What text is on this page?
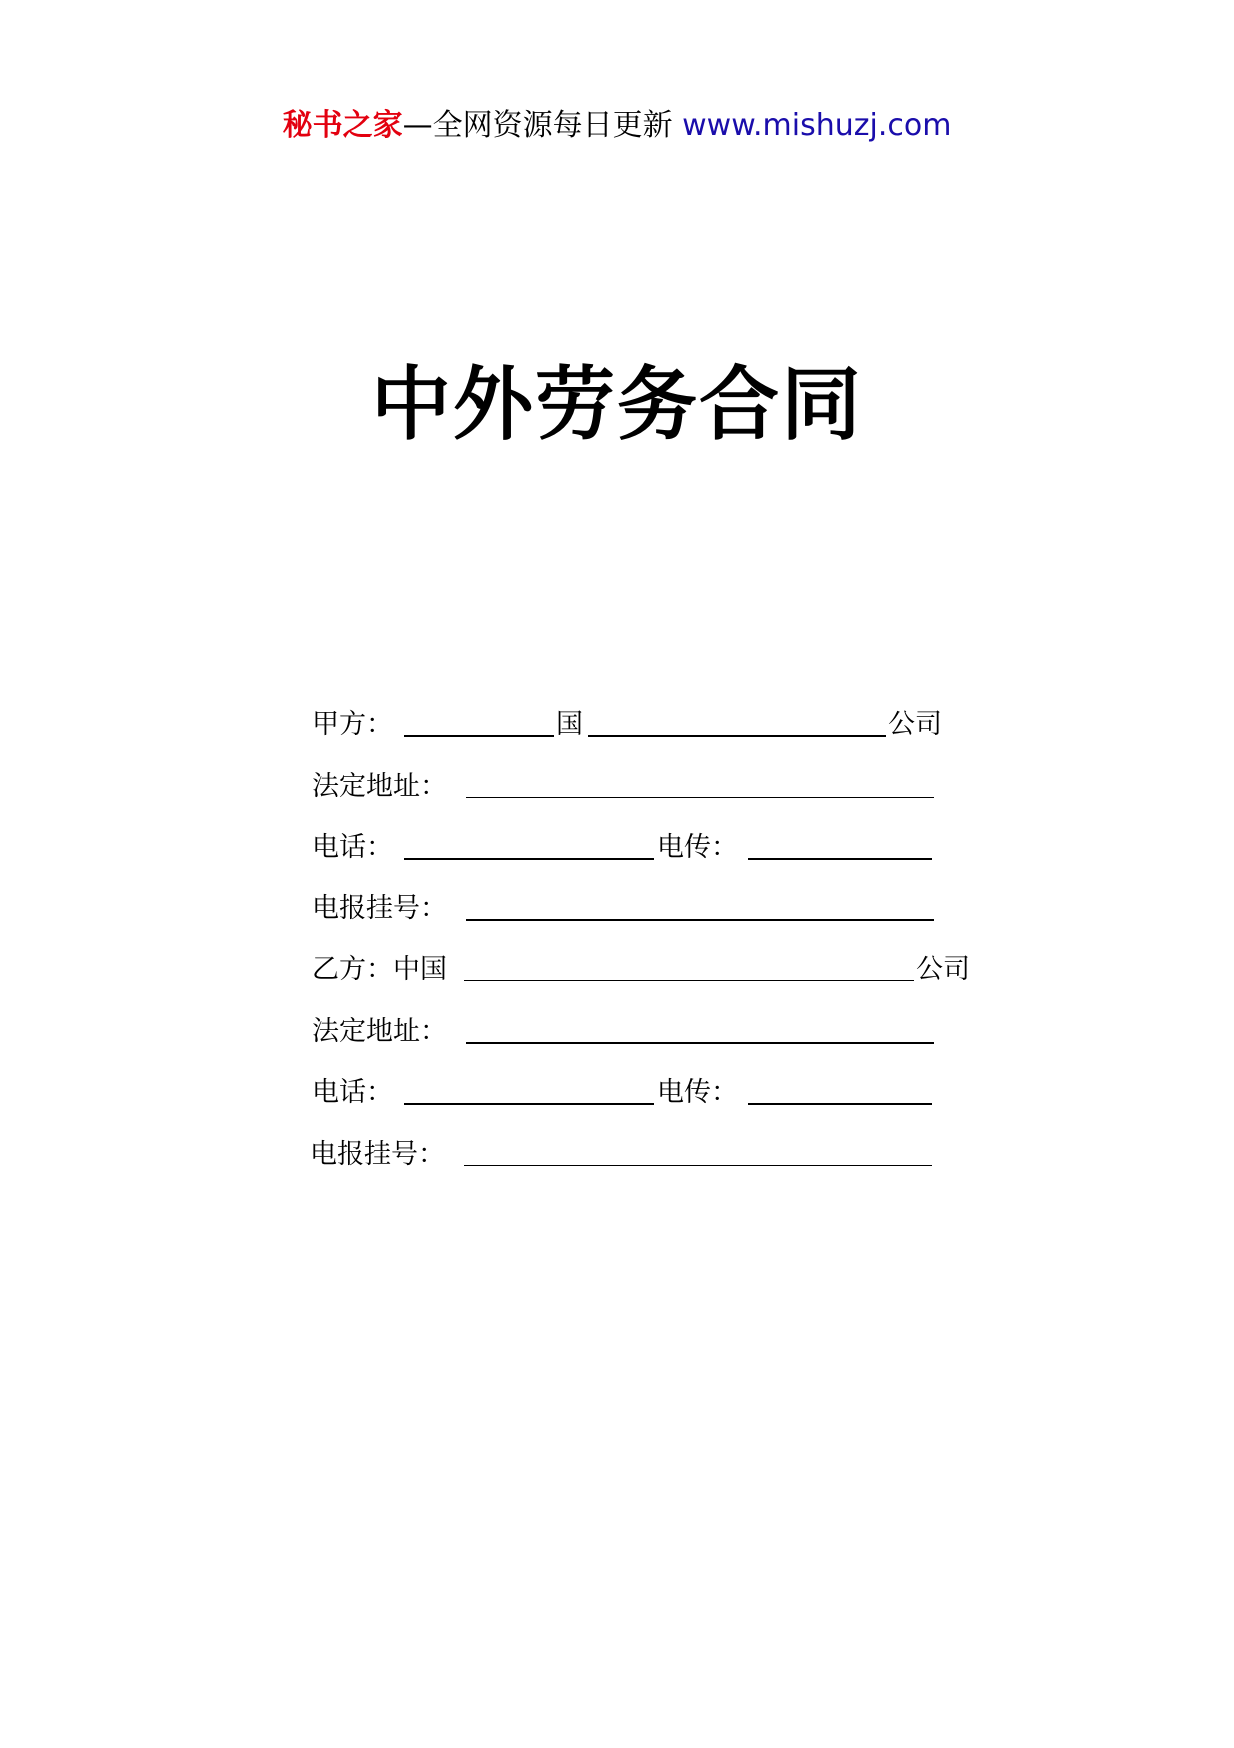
秘书之家—全网资源每日更新 www.mishuzj.com
中外劳务合同
甲方：	国	公司
法定地址：
电话：	电传：
电报挂号：
乙方：中国	公司
法定地址：
电话：	电传：
电报挂号：
